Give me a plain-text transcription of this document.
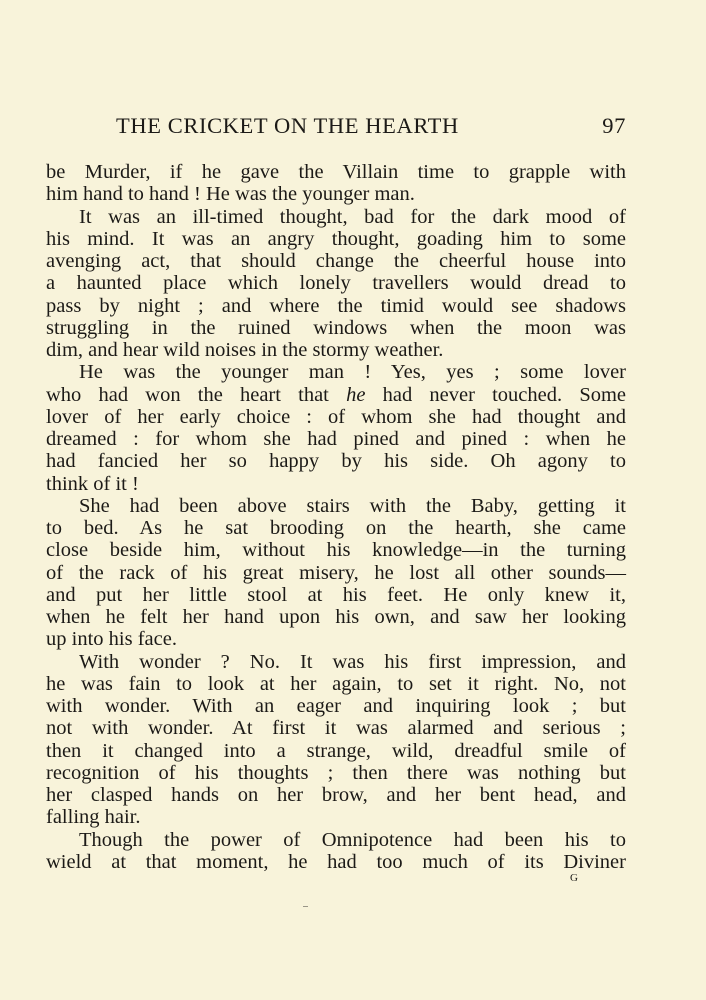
THE CRICKET ON THE HEARTH	97
be Murder, if he gave the Villain time to grapple with
him hand to hand ! He was the younger man.
It was an ill-timed thought, bad for the dark mood of
his mind. It was an angry thought, goading him to some
avenging act, that should change the cheerful house into
a haunted place which lonely travellers would dread to
pass by night ; and where the timid would see shadows
struggling in the ruined windows when the moon was
dim, and hear wild noises in the stormy weather.
He was the younger man ! Yes, yes ; some lover
who had won the heart that he had never touched. Some
lover of her early choice : of whom she had thought and
dreamed : for whom she had pined and pined : when he
had fancied her so happy by his side. Oh agony to
think of it !
She had been above stairs with the Baby, getting it
to bed. As he sat brooding on the hearth, she came
close beside him, without his knowledge—in the turning
of the rack of his great misery, he lost all other sounds—
and put her little stool at his feet. He only knew it,
when he felt her hand upon his own, and saw her looking
up into his face.
With wonder ? No. It was his first impression, and
he was fain to look at her again, to set it right. No, not
with wonder. With an eager and inquiring look ; but
not with wonder. At first it was alarmed and serious ;
then it changed into a strange, wild, dreadful smile of
recognition of his thoughts ; then there was nothing but
her clasped hands on her brow, and her bent head, and
falling hair.
Though the power of Omnipotence had been his to
wield at that moment, he had too much of its Diviner
G
